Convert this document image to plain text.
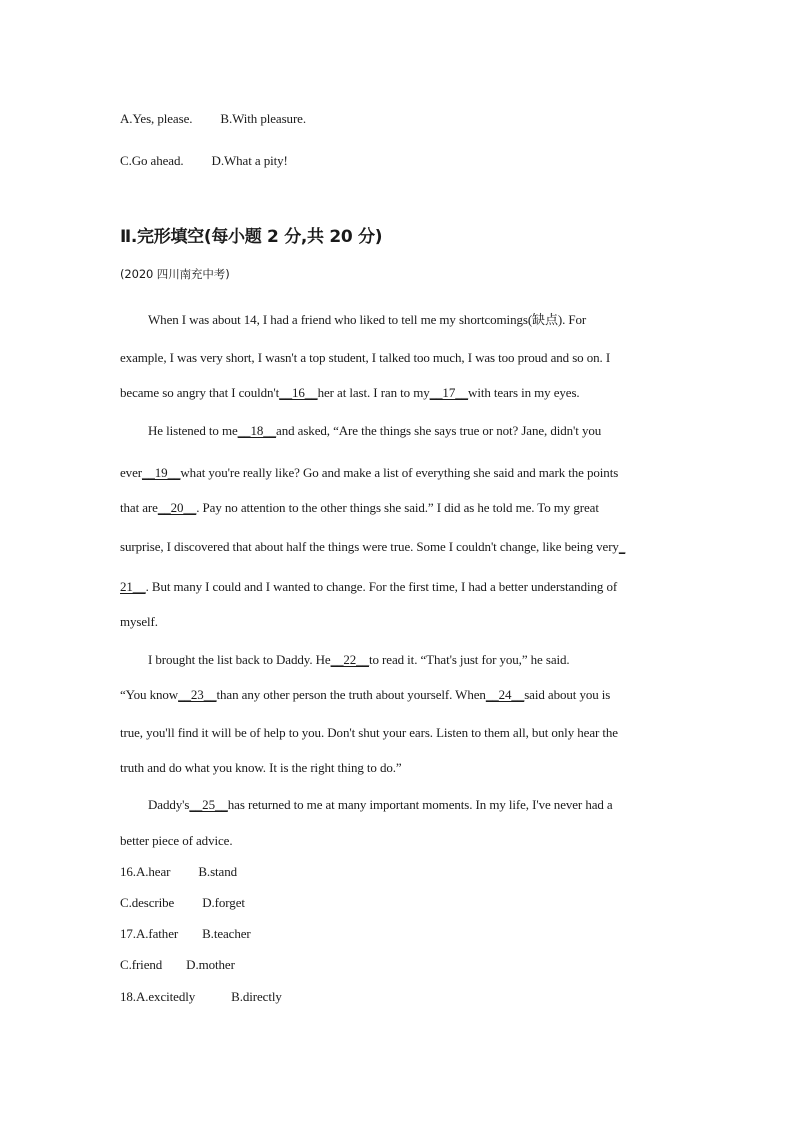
A.Yes, please. B.With pleasure.
C.Go ahead. D.What a pity!
Ⅱ.完形填空(每小题 2 分,共 20 分)
(2020 四川南充中考)
When I was about 14, I had a friend who liked to tell me my shortcomings(缺点). For
example, I was very short, I wasn't a top student, I talked too much, I was too proud and so on. I
became so angry that I couldn't__16__her at last. I ran to my__17__with tears in my eyes.
He listened to me__18__and asked, “Are the things she says true or not? Jane, didn't you
ever__19__what you're really like? Go and make a list of everything she said and mark the points
that are__20__. Pay no attention to the other things she said.” I did as he told me. To my great
surprise, I discovered that about half the things were true. Some I couldn't change, like being very_
21__. But many I could and I wanted to change. For the first time, I had a better understanding of
myself.
I brought the list back to Daddy. He__22__to read it. “That's just for you,” he said.
“You know__23__than any other person the truth about yourself. When__24__said about you is
true, you'll find it will be of help to you. Don't shut your ears. Listen to them all, but only hear the
truth and do what you know. It is the right thing to do.”
Daddy's__25__has returned to me at many important moments. In my life, I've never had a
better piece of advice.
16.A.hear B.stand
C.describe D.forget
17.A.father B.teacher
C.friend D.mother
18.A.excitedly	B.directly
